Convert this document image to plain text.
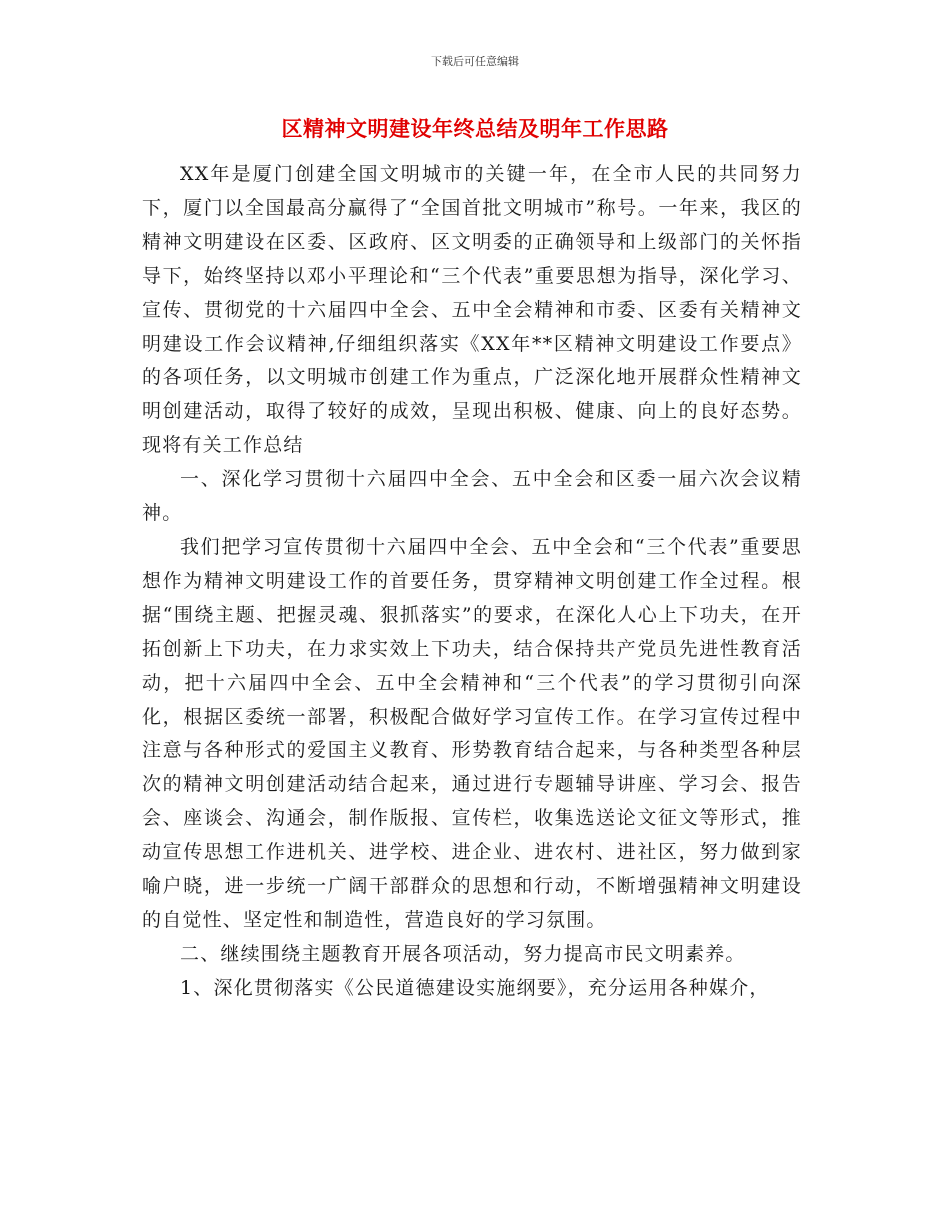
下载后可任意编辑
区精神文明建设年终总结及明年工作思路

XX年是厦门创建全国文明城市的关键一年，在全市人民的共同努力下，厦门以全国最高分赢得了“全国首批文明城市”称号。一年来，我区的精神文明建设在区委、区政府、区文明委的正确领导和上级部门的关怀指导下，始终坚持以邓小平理论和“三个代表”重要思想为指导，深化学习、宣传、贯彻党的十六届四中全会、五中全会精神和市委、区委有关精神文明建设工作会议精神,仔细组织落实《XX年**区精神文明建设工作要点》的各项任务，以文明城市创建工作为重点，广泛深化地开展群众性精神文明创建活动，取得了较好的成效，呈现出积极、健康、向上的良好态势。现将有关工作总结

一、深化学习贯彻十六届四中全会、五中全会和区委一届六次会议精神。

我们把学习宣传贯彻十六届四中全会、五中全会和“三个代表”重要思想作为精神文明建设工作的首要任务，贯穿精神文明创建工作全过程。根据“围绕主题、把握灵魂、狠抓落实”的要求，在深化人心上下功夫，在开拓创新上下功夫，在力求实效上下功夫，结合保持共产党员先进性教育活动，把十六届四中全会、五中全会精神和“三个代表”的学习贯彻引向深化，根据区委统一部署，积极配合做好学习宣传工作。在学习宣传过程中注意与各种形式的爱国主义教育、形势教育结合起来，与各种类型各种层次的精神文明创建活动结合起来，通过进行专题辅导讲座、学习会、报告会、座谈会、沟通会，制作版报、宣传栏，收集选送论文征文等形式，推动宣传思想工作进机关、进学校、进企业、进农村、进社区，努力做到家喻户晓，进一步统一广阔干部群众的思想和行动，不断增强精神文明建设的自觉性、坚定性和制造性，营造良好的学习氛围。

二、继续围绕主题教育开展各项活动，努力提高市民文明素养。

1、深化贯彻落实《公民道德建设实施纲要》，充分运用各种媒介，
